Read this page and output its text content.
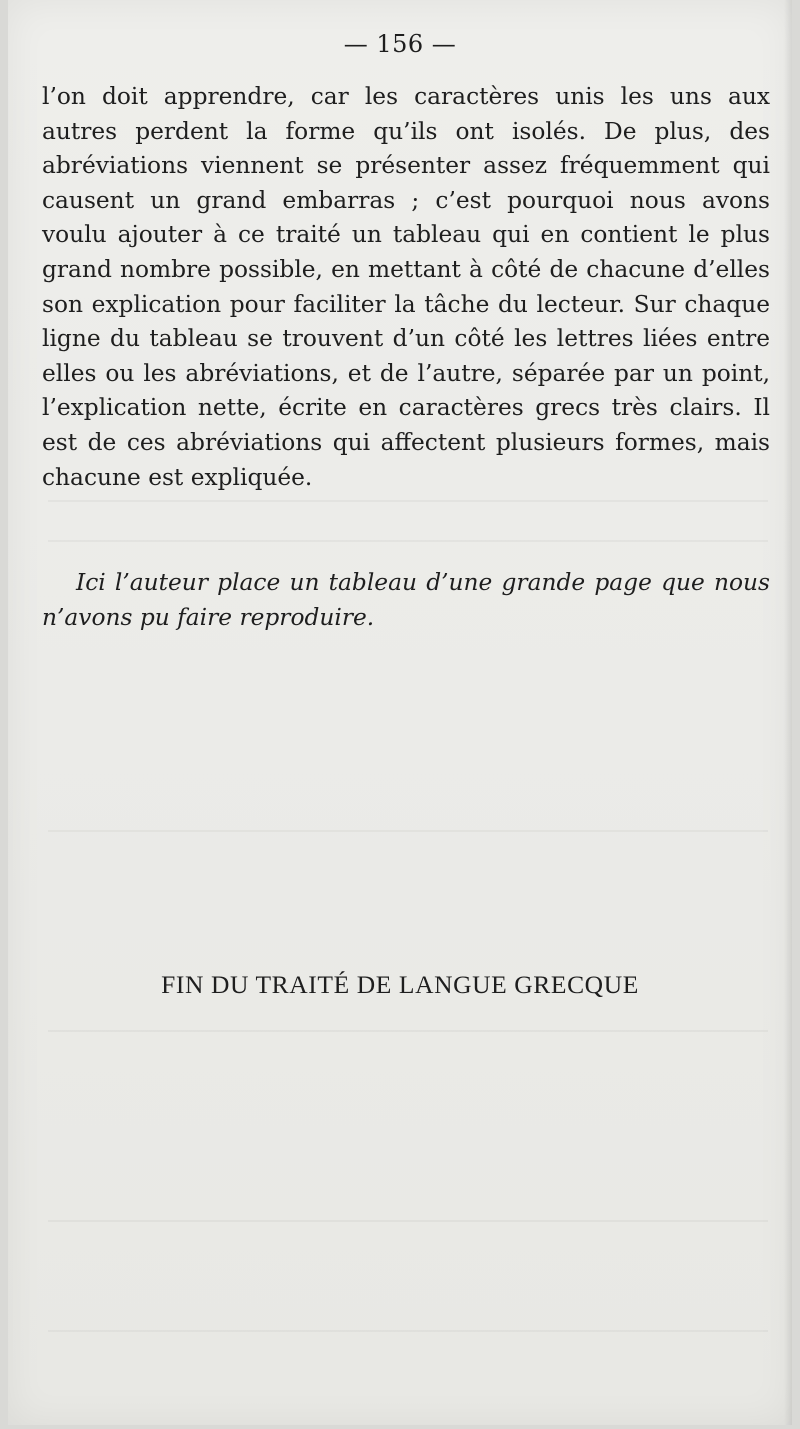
— 156 —

l’on doit apprendre, car les caractères unis les uns aux autres perdent la forme qu’ils ont isolés. De plus, des abréviations viennent se présenter assez fréquemment qui causent un grand embarras ; c’est pourquoi nous avons voulu ajouter à ce traité un tableau qui en contient le plus grand nombre possible, en mettant à côté de chacune d’elles son explication pour faciliter la tâche du lecteur. Sur chaque ligne du tableau se trouvent d’un côté les lettres liées entre elles ou les abréviations, et de l’autre, séparée par un point, l’explication nette, écrite en caractères grecs très clairs. Il est de ces abréviations qui affectent plusieurs formes, mais chacune est expliquée.

Ici l’auteur place un tableau d’une grande page que nous n’avons pu faire reproduire.

FIN DU TRAITÉ DE LANGUE GRECQUE
